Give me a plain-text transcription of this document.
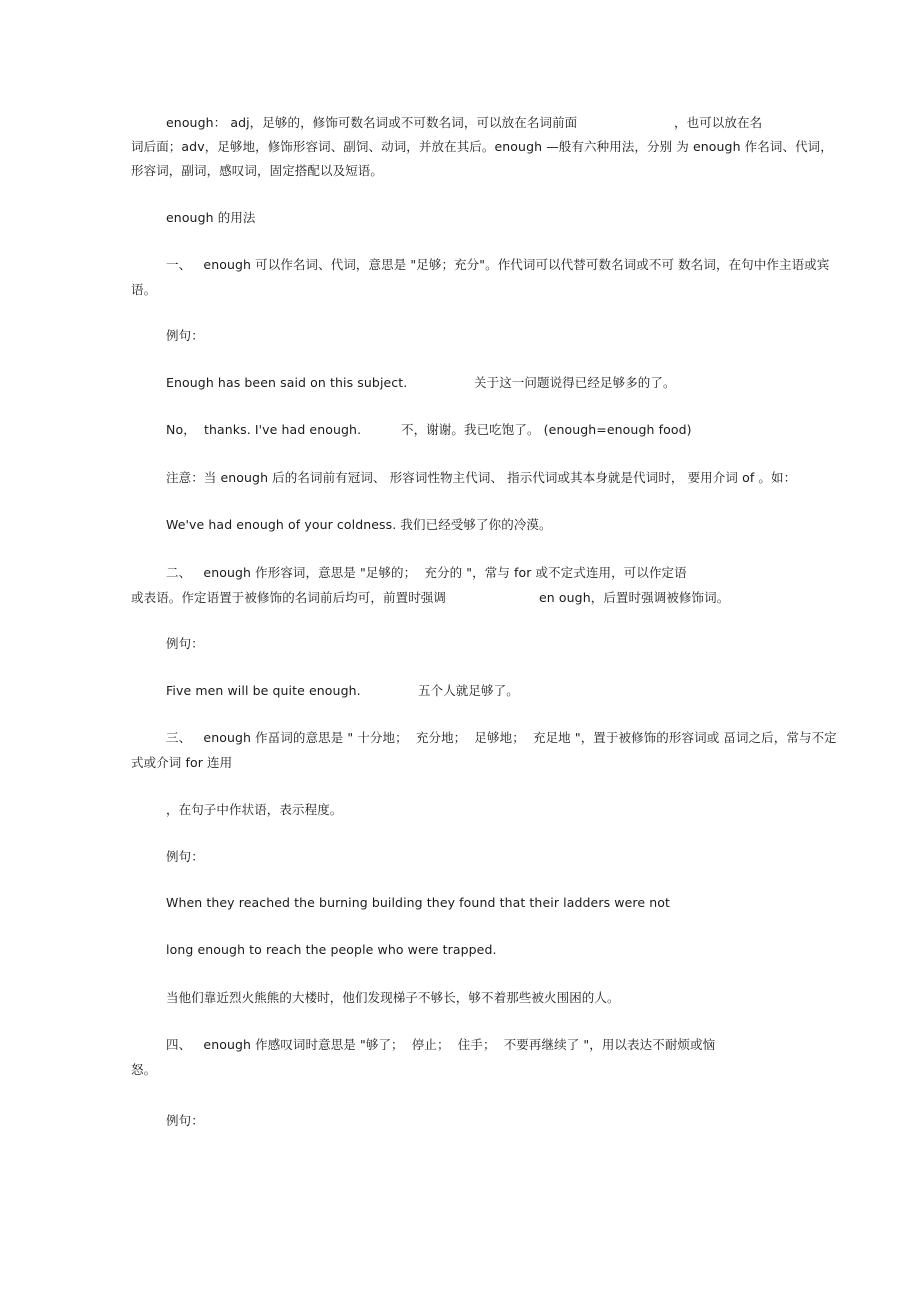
enough： adj，足够的，修饰可数名词或不可数名词，可以放在名词前面	，也可以放在名
词后面；adv，足够地，修饰形容词、副饲、动词，并放在其后。enough —般有六种用法，分别 为 enough 作名词、代词，
形容词，副词，感叹词，固定搭配以及短语。
enough 的用法
一、   enough 可以作名词、代词，意思是 "足够；充分"。作代词可以代替可数名词或不可 数名词，在句中作主语或宾
语。
例句：
Enough has been said on this subject.	关于这一问题说得已经足够多的了。
No，  thanks. I've had enough.	不，谢谢。我已吃饱了。 (enough=enough food)
注意：当 enough 后的名词前有冠词、 形容词性物主代词、 指示代词或其本身就是代词时， 要用介词 of 。如：
We've had enough of your coldness. 我们已经受够了你的冷漠。
二、   enough 作形容词，意思是 "足够的；  充分的 "，常与 for 或不定式连用，可以作定语
或表语。作定语置于被修饰的名词前后均可，前置时强调	en ough，后置时强调被修饰词。
例句：
Five men will be quite enough.	五个人就足够了。
三、   enough 作畐词的意思是 " 十分地；  充分地；  足够地；  充足地 "，置于被修饰的形容词或 畐词之后，常与不定
式或介词 for 连用
，在句子中作状语，表示程度。
例句：
When they reached the burning building they found that their ladders were not
long enough to reach the people who were trapped.
当他们靠近烈火熊熊的大楼时，他们发现梯子不够长，够不着那些被火围困的人。
四、   enough 作感叹词时意思是 "够了；  停止；  住手；  不要再继续了 "，用以表达不耐烦或恼
怒。
例句：
